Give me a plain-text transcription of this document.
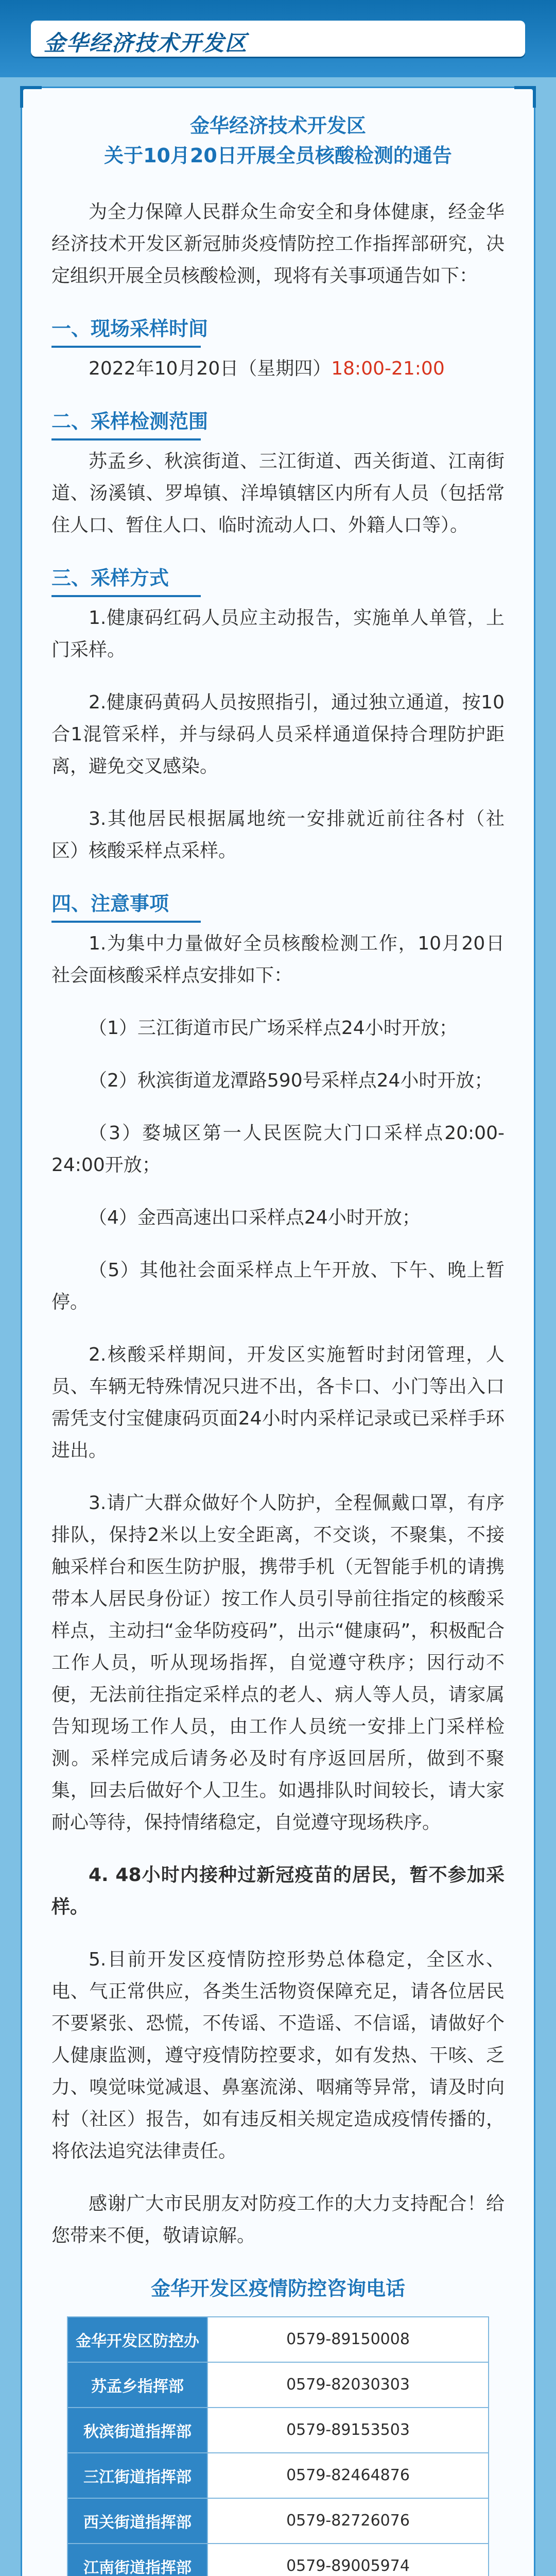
金华经济技术开发区
金华经济技术开发区
关于10月20日开展全员核酸检测的通告

为全力保障人民群众生命安全和身体健康，经金华经济技术开发区新冠肺炎疫情防控工作指挥部研究，决定组织开展全员核酸检测，现将有关事项通告如下：

一、现场采样时间

2022年10月20日（星期四）18:00-21:00

二、采样检测范围

苏孟乡、秋滨街道、三江街道、西关街道、江南街道、汤溪镇、罗埠镇、洋埠镇辖区内所有人员（包括常住人口、暂住人口、临时流动人口、外籍人口等）。

三、采样方式

1.健康码红码人员应主动报告，实施单人单管，上门采样。

2.健康码黄码人员按照指引，通过独立通道，按10合1混管采样，并与绿码人员采样通道保持合理防护距离，避免交叉感染。

3.其他居民根据属地统一安排就近前往各村（社区）核酸采样点采样。

四、注意事项

1.为集中力量做好全员核酸检测工作，10月20日社会面核酸采样点安排如下：

（1）三江街道市民广场采样点24小时开放；

（2）秋滨街道龙潭路590号采样点24小时开放；

（3）婺城区第一人民医院大门口采样点20:00-24:00开放；

（4）金西高速出口采样点24小时开放；

（5）其他社会面采样点上午开放、下午、晚上暂停。

2.核酸采样期间，开发区实施暂时封闭管理，人员、车辆无特殊情况只进不出，各卡口、小门等出入口需凭支付宝健康码页面24小时内采样记录或已采样手环进出。

3.请广大群众做好个人防护，全程佩戴口罩，有序排队，保持2米以上安全距离，不交谈，不聚集，不接触采样台和医生防护服，携带手机（无智能手机的请携带本人居民身份证）按工作人员引导前往指定的核酸采样点，主动扫“金华防疫码”，出示“健康码”，积极配合工作人员，听从现场指挥，自觉遵守秩序；因行动不便，无法前往指定采样点的老人、病人等人员，请家属告知现场工作人员，由工作人员统一安排上门采样检测。采样完成后请务必及时有序返回居所，做到不聚集，回去后做好个人卫生。如遇排队时间较长，请大家耐心等待，保持情绪稳定，自觉遵守现场秩序。

4. 48小时内接种过新冠疫苗的居民，暂不参加采样。

5.目前开发区疫情防控形势总体稳定，全区水、电、气正常供应，各类生活物资保障充足，请各位居民不要紧张、恐慌，不传谣、不造谣、不信谣，请做好个人健康监测，遵守疫情防控要求，如有发热、干咳、乏力、嗅觉味觉减退、鼻塞流涕、咽痛等异常，请及时向村（社区）报告，如有违反相关规定造成疫情传播的，将依法追究法律责任。

感谢广大市民朋友对防疫工作的大力支持配合！给您带来不便，敬请谅解。

金华开发区疫情防控咨询电话
金华开发区防控办	0579-89150008

苏孟乡指挥部	0579-82030303

秋滨街道指挥部	0579-89153503

三江街道指挥部	0579-82464876

西关街道指挥部	0579-82726076

江南街道指挥部	0579-89005974
